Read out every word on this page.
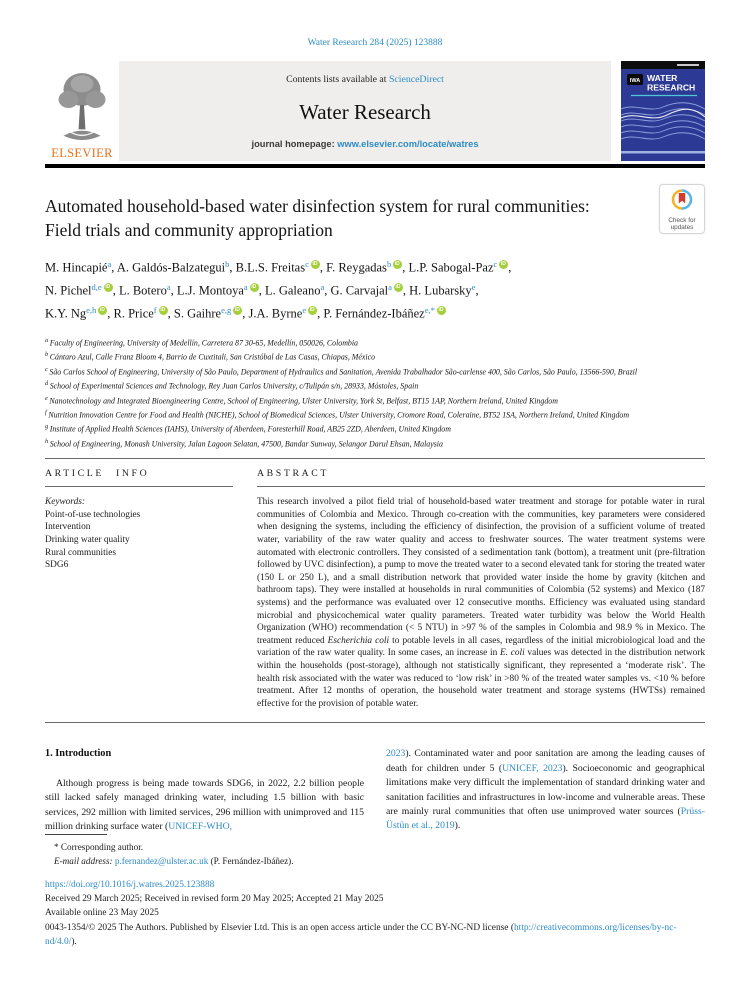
Water Research 284 (2025) 123888
ELSEVIER
Contents lists available at ScienceDirect
Water Research
journal homepage: www.elsevier.com/locate/watres
IWA WATER
RESEARCH
Check for
updates
Automated household-based water disinfection system for rural communities: Field trials and community appropriation
M. Hincapié$^a$, A. Galdós-Balzategui$^b$, B.L.S. Freitas$^c$ iD , F. Reygadas$^b$ iD , L.P. Sabogal-Paz$^c$ iD ,
N. Pichel$^{d,e}$ iD , L. Botero$^a$, L.J. Montoya$^a$ iD , L. Galeano$^a$, G. Carvajal$^a$ iD , H. Lubarsky$^e$,
K.Y. Ng$^{e,h}$ iD , R. Price$^f$ iD , S. Gaihre$^{e,g}$ iD , J.A. Byrne$^e$ iD , P. Fernández-Ibáñez$^{e,*}$iD
$^a$ Faculty of Engineering, University of Medellín, Carretera 87 30-65, Medellín, 050026, Colombia
$^b$ Cántaro Azul, Calle Franz Bloom 4, Barrio de Cuxtitali, San Cristóbal de Las Casas, Chiapas, México
$^c$ São Carlos School of Engineering, University of São Paulo, Department of Hydraulics and Sanitation, Avenida Trabalhador São-carlense 400, São Carlos, São Paulo, 13566-590, Brazil
$^d$ School of Experimental Sciences and Technology, Rey Juan Carlos University, c/Tulipán s/n, 28933, Móstoles, Spain
$^e$ Nanotechnology and Integrated Bioengineering Centre, School of Engineering, Ulster University, York St, Belfast, BT15 1AP, Northern Ireland, United Kingdom
$^f$ Nutrition Innovation Centre for Food and Health (NICHE), School of Biomedical Sciences, Ulster University, Cromore Road, Coleraine, BT52 1SA, Northern Ireland, United Kingdom
$^g$ Institute of Applied Health Sciences (IAHS), University of Aberdeen, Foresterhill Road, AB25 2ZD, Aberdeen, United Kingdom
$^h$ School of Engineering, Monash University, Jalan Lagoon Selatan, 47500, Bandar Sunway, Selangor Darul Ehsan, Malaysia
ARTICLE INFO
Keywords:
Point-of-use technologies
Intervention
Drinking water quality
Rural communities
SDG6
ABSTRACT

This research involved a pilot field trial of household-based water treatment and storage for potable water in rural communities of Colombia and Mexico. Through co-creation with the communities, key parameters were considered when designing the systems, including the efficiency of disinfection, the provision of a sufficient volume of treated water, variability of the raw water quality and access to freshwater sources. The water treatment systems were automated with electronic controllers. They consisted of a sedimentation tank (bottom), a treatment unit (pre-filtration followed by UVC disinfection), a pump to move the treated water to a second elevated tank for storing the treated water (150 L or 250 L), and a small distribution network that provided water inside the home by gravity (kitchen and bathroom taps). They were installed at households in rural communities of Colombia (52 systems) and Mexico (187 systems) and the performance was evaluated over 12 consecutive months. Efficiency was evaluated using standard microbial and physicochemical water quality parameters. Treated water turbidity was below the World Health Organization (WHO) recommendation (< 5 NTU) in >97 % of the samples in Colombia and 98.9 % in Mexico. The treatment reduced Escherichia coli to potable levels in all cases, regardless of the initial microbiological load and the variation of the raw water quality. In some cases, an increase in E. coli values was detected in the distribution network within the households (post-storage), although not statistically significant, they represented a ‘moderate risk’. The health risk associated with the water was reduced to ‘low risk’ in >80 % of the treated water samples vs. <10 % before treatment. After 12 months of operation, the household water treatment and storage systems (HWTSs) remained effective for the provision of potable water.

1. Introduction

Although progress is being made towards SDG6, in 2022, 2.2 billion people still lacked safely managed drinking water, including 1.5 billion with basic services, 292 million with limited services, 296 million with unimproved and 115 million drinking surface water (UNICEF-WHO,

2023). Contaminated water and poor sanitation are among the leading causes of death for children under 5 (UNICEF, 2023). Socioeconomic and geographical limitations make very difficult the implementation of standard drinking water and sanitation facilities and infrastructures in low-income and vulnerable areas. These are mainly rural communities that often use unimproved water sources (Prüss-Üstün et al., 2019).

* Corresponding author.
E-mail address: p.fernandez@ulster.ac.uk (P. Fernández-Ibáñez).
https://doi.org/10.1016/j.watres.2025.123888
Received 29 March 2025; Received in revised form 20 May 2025; Accepted 21 May 2025
Available online 23 May 2025
0043-1354/© 2025 The Authors. Published by Elsevier Ltd. This is an open access article under the CC BY-NC-ND license (http://creativecommons.org/licenses/by-nc-nd/4.0/).
